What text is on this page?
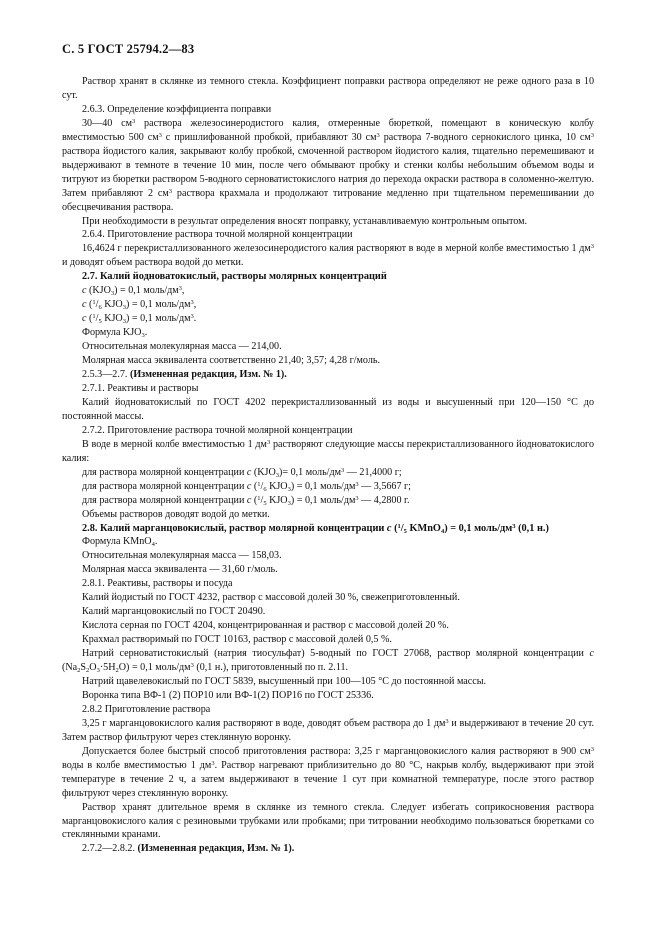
С. 5 ГОСТ 25794.2—83

Раствор хранят в склянке из темного стекла. Коэффициент поправки раствора определяют не реже одного раза в 10 сут.

2.6.3. Определение коэффициента поправки

30—40 $см^3$ раствора железосинеродистого калия, отмеренные бюреткой, помещают в коническую колбу вместимостью 500 $см^3$ с пришлифованной пробкой, прибавляют 30 $см^3$ раствора 7-водного сернокислого цинка, 10 $см^3$ раствора йодистого калия, закрывают колбу пробкой, смоченной раствором йодистого калия, тщательно перемешивают и выдерживают в темноте в течение 10 мин, после чего обмывают пробку и стенки колбы небольшим объемом воды и титруют из бюретки раствором 5-водного серноватистокислого натрия до перехода окраски раствора в соломенно-желтую. Затем прибавляют 2 $см^3$ раствора крахмала и продолжают титрование медленно при тщательном перемешивании до обесцвечивания раствора.

При необходимости в результат определения вносят поправку, устанавливаемую контрольным опытом.

2.6.4. Приготовление раствора точной молярной концентрации

16,4624 г перекристаллизованного железосинеродистого калия растворяют в воде в мерной колбе вместимостью 1 $дм^3$ и доводят объем раствора водой до метки.

2.7. Калий йодноватокислый, растворы молярных концентраций

с $(KJO_3) = 0,1$ моль/$дм^3$,

с ($^1/_6$ $KJO_3) = 0,1$ моль/$дм^3$,

с ($^1/_5$ $KJO_3) = 0,1$ моль/$дм^3$.

Формула $KJO_3$.

Относительная молекулярная масса — 214,00.

Молярная масса эквивалента соответственно 21,40; 3,57; 4,28 г/моль.

2.5.3—2.7. (Измененная редакция, Изм. № 1).

2.7.1. Реактивы и растворы

Калий йодноватокислый по ГОСТ 4202 перекристаллизованный из воды и высушенный при 120—150 °С до постоянной массы.

2.7.2. Приготовление раствора точной молярной концентрации

В воде в мерной колбе вместимостью 1 $дм^3$ растворяют следующие массы перекристаллизованного йодноватокислого калия:

для раствора молярной концентрации с $(KJO_3)= 0,1$ моль/$дм^3$ — 21,4000 г;

для раствора молярной концентрации с ($^1/_6$ $KJO_3) = 0,1$ моль/$дм^3$ — 3,5667 г;

для раствора молярной концентрации с ($^1/_5$ $KJO_3) = 0,1$ моль/$дм^3$ — 4,2800 г.

Объемы растворов доводят водой до метки.

2.8. Калий марганцовокислый, раствор молярной концентрации с ($^1/_5$ KMnO$_4$) = 0,1 моль/$дм^3$ (0,1 н.)

Формула KMnO$_4$.

Относительная молекулярная масса — 158,03.

Молярная масса эквивалента — 31,60 г/моль.

2.8.1. Реактивы, растворы и посуда

Калий йодистый по ГОСТ 4232, раствор с массовой долей 30 %, свежеприготовленный.

Калий марганцовокислый по ГОСТ 20490.

Кислота серная по ГОСТ 4204, концентрированная и раствор с массовой долей 20 %.

Крахмал растворимый по ГОСТ 10163, раствор с массовой долей 0,5 %.

Натрий серноватистокислый (натрия тиосульфат) 5-водный по ГОСТ 27068, раствор молярной концентрации с $(Na_2S_2O_3\cdot 5H_2O) = 0,1$ моль/$дм^3$ (0,1 н.), приготовленный по п. 2.11.

Натрий щавелевокислый по ГОСТ 5839, высушенный при 100—105 °С до постоянной массы.

Воронка типа ВФ-1 (2) ПОР10 или ВФ-1(2) ПОР16 по ГОСТ 25336.

2.8.2 Приготовление раствора

3,25 г марганцовокислого калия растворяют в воде, доводят объем раствора до 1 $дм^3$ и выдерживают в течение 20 сут. Затем раствор фильтруют через стеклянную воронку.

Допускается более быстрый способ приготовления раствора: 3,25 г марганцовокислого калия растворяют в 900 $см^3$ воды в колбе вместимостью 1 $дм^3$. Раствор нагревают приблизительно до 80 °С, накрыв колбу, выдерживают при этой температуре в течение 2 ч, а затем выдерживают в течение 1 сут при комнатной температуре, после этого раствор фильтруют через стеклянную воронку.

Раствор хранят длительное время в склянке из темного стекла. Следует избегать соприкосновения раствора марганцовокислого калия с резиновыми трубками или пробками; при титровании необходимо пользоваться бюретками со стеклянными кранами.

2.7.2—2.8.2. (Измененная редакция, Изм. № 1).
